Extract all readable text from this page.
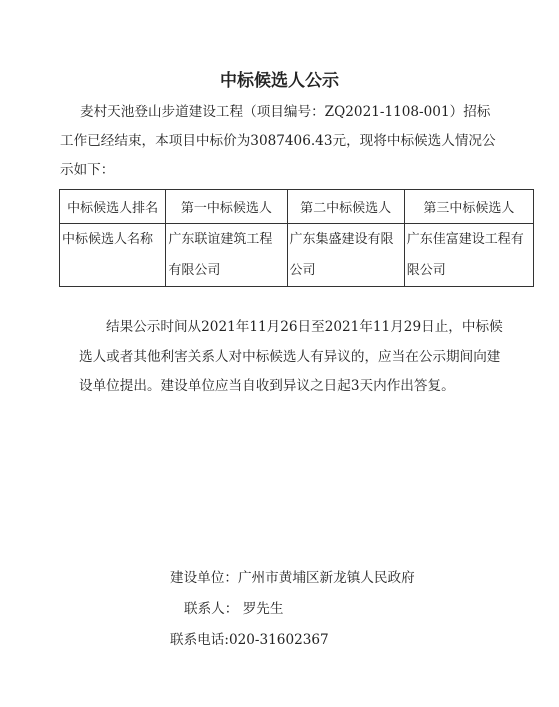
中标候选人公示
麦村天池登山步道建设工程（项目编号：ZQ2021-1108-001）招标工作已经结束，本项目中标价为3087406.43元，现将中标候选人情况公示如下：
中标候选人排名	第一中标候选人	第二中标候选人	第三中标候选人
中标候选人名称	广东联谊建筑工程有限公司	广东集盛建设有限公司	广东佳富建设工程有限公司
结果公示时间从2021年11月26日至2021年11月29日止，中标候选人或者其他利害关系人对中标候选人有异议的，应当在公示期间向建设单位提出。建设单位应当自收到异议之日起3天内作出答复。
建设单位：广州市黄埔区新龙镇人民政府
联系人： 罗先生
联系电话:020-31602367
